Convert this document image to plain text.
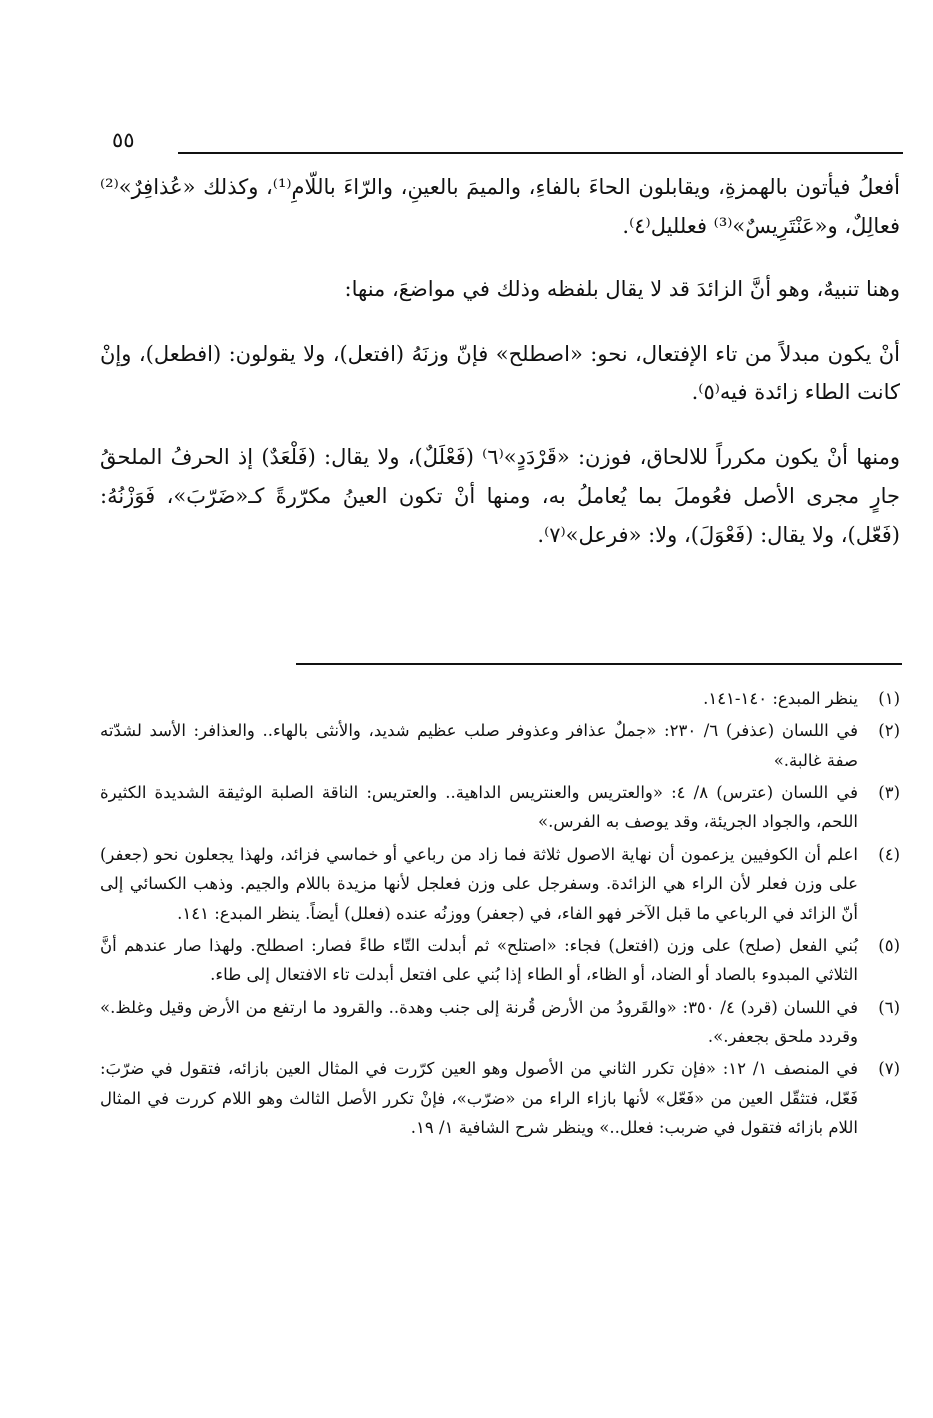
٥٥

أفعلُ فيأتون بالهمزةِ، ويقابلون الحاءَ بالفاءِ، والميمَ بالعينِ، والرّاءَ باللّامِ⁽¹⁾، وكذلك «عُذافِرٌ»⁽²⁾ فعالِلٌ، و«عَنْتَرِيسٌ»⁽³⁾ فعلليل⁽٤⁾.

وهنا تنبيهٌ، وهو أنَّ الزائدَ قد لا يقال بلفظه وذلك في مواضعَ، منها:

أنْ يكون مبدلاً من تاء الإفتعال، نحو: «اصطلح» فإنّ وزنَهُ (افتعل)، ولا يقولون: (افطعل)، وإنْ كانت الطاء زائدة فيه⁽٥⁾.

ومنها أنْ يكون مكرراً للالحاق، فوزن: «قَرْدَدٍ»⁽٦⁾ (فَعْلَلٌ)، ولا يقال: (فَلْعَدٌ) إذ الحرفُ الملحقُ جارٍ مجرى الأصل فعُوملَ بما يُعاملُ به، ومنها أنْ تكون العينُ مكرّرةً كـ«ضَرّبَ»، فَوَزْنُهُ: (فَعّل)، ولا يقال: (فَعْوَلَ)، ولا: «فرعل»⁽٧⁾.

(١)
ينظر المبدع: ١٤٠-١٤١.
(٢)
في اللسان (عذفر) ٦/ ٢٣٠: «جملٌ عذافر وعذوفر صلب عظيم شديد، والأنثى بالهاء.. والعذافر: الأسد لشدّته صفة غالبة.»
(٣)
في اللسان (عترس) ٨/ ٤: «والعتريس والعنتريس الداهية.. والعتريس: الناقة الصلبة الوثيقة الشديدة الكثيرة اللحم، والجواد الجريئة، وقد يوصف به الفرس.»
(٤)
اعلم أن الكوفيين يزعمون أن نهاية الاصول ثلاثة فما زاد من رباعي أو خماسي فزائد، ولهذا يجعلون نحو (جعفر) على وزن فعلر لأن الراء هي الزائدة. وسفرجل على وزن فعلجل لأنها مزيدة باللام والجيم. وذهب الكسائي إلى أنّ الزائد في الرباعي ما قبل الآخر فهو الفاء، في (جعفر) ووزنُه عنده (فعلل) أيضاً. ينظر المبدع: ١٤١.
(٥)
بُني الفعل (صلح) على وزن (افتعل) فجاء: «اصتلح» ثم أبدلت التّاء طاءً فصار: اصطلح. ولهذا صار عندهم أنَّ الثلاثي المبدوء بالصاد أو الضاد، أو الظاء، أو الطاء إذا بُني على افتعل أبدلت تاء الافتعال إلى طاء.
(٦)
في اللسان (قرد) ٤/ ٣٥٠: «والقَرودُ من الأرض قُرنة إلى جنب وهدة.. والقرود ما ارتفع من الأرض وقيل وغلظ.» وقردد ملحق بجعفر.».
(٧)
في المنصف ١/ ١٢: «فإن تكرر الثاني من الأصول وهو العين كرّرت في المثال العين بازائه، فتقول في ضرّبَ: فَعّل، فتثقّل العين من «فَعّل» لأنها بازاء الراء من «ضرّب»، فإنْ تكرر الأصل الثالث وهو اللام كررت في المثال اللام بازائه فتقول في ضربب: فعلل..» وينظر شرح الشافية ١/ ١٩.
